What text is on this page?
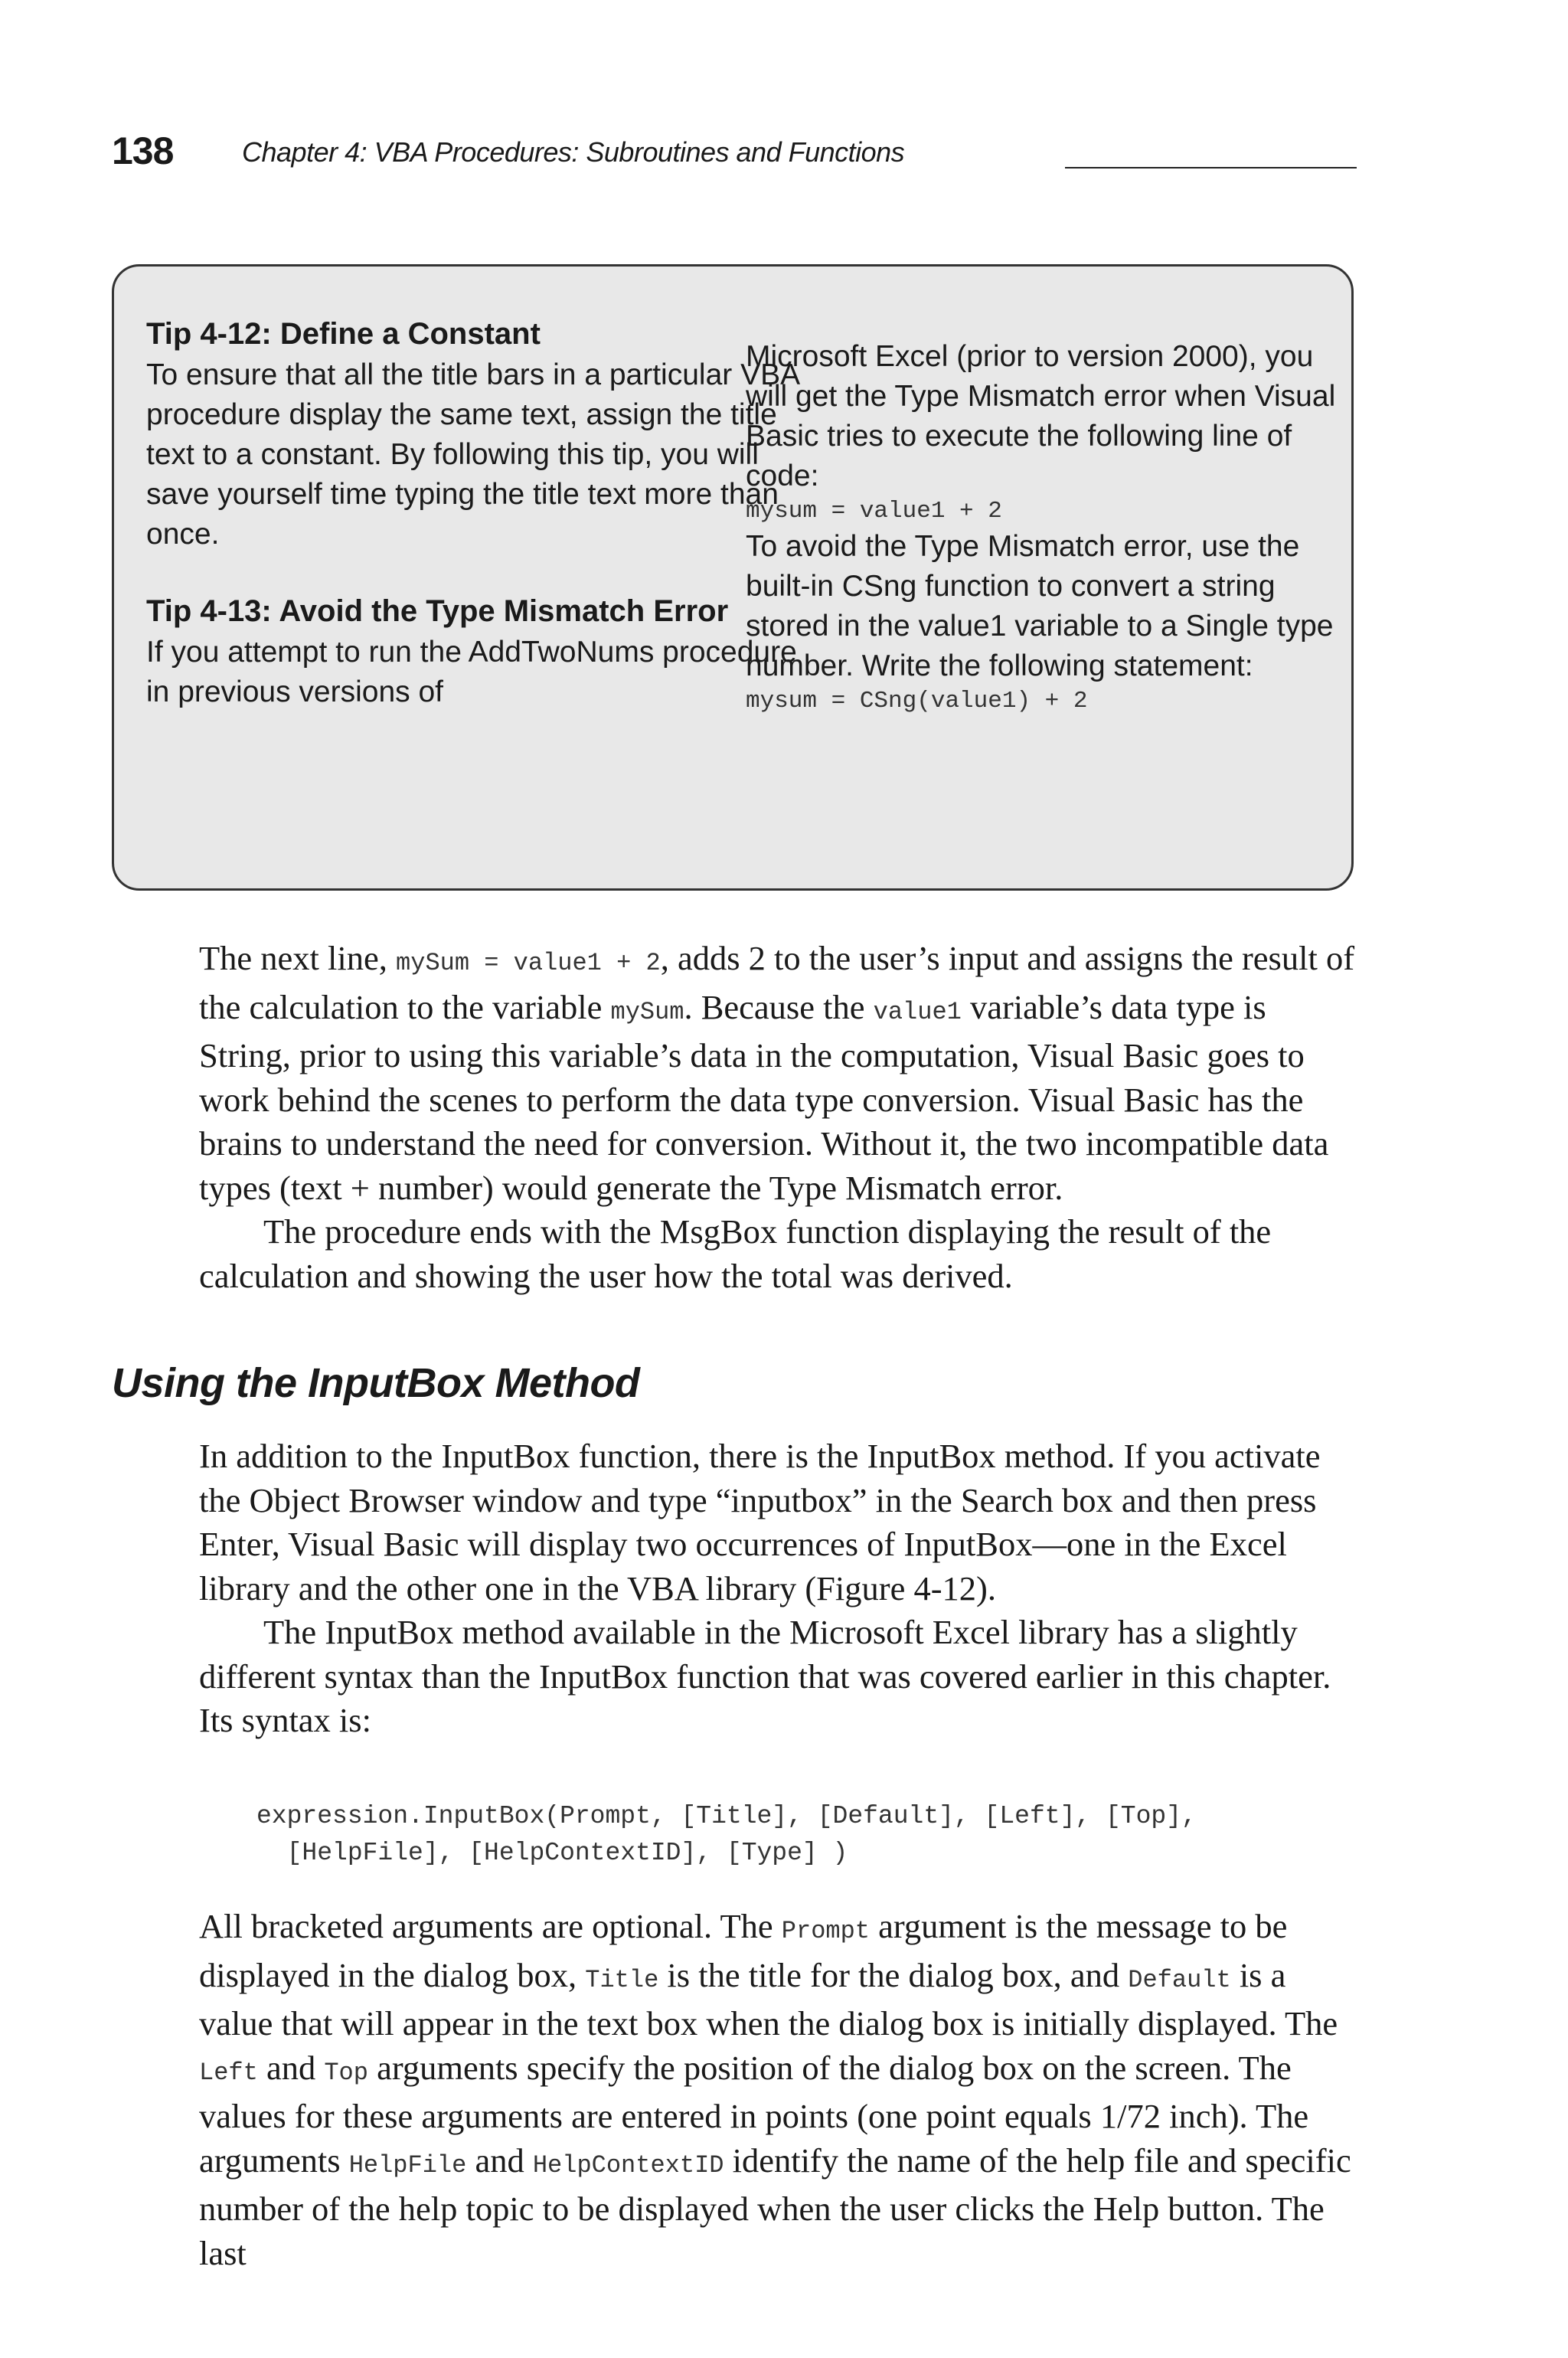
138 Chapter 4: VBA Procedures: Subroutines and Functions

Tip 4-12: Define a Constant

To ensure that all the title bars in a particular VBA procedure display the same text, assign the title text to a constant. By following this tip, you will save yourself time typing the title text more than once.

Tip 4-13: Avoid the Type Mismatch Error

If you attempt to run the AddTwoNums procedure in previous versions of

Microsoft Excel (prior to version 2000), you will get the Type Mismatch error when Visual Basic tries to execute the following line of code:

mysum = value1 + 2

To avoid the Type Mismatch error, use the built-in CSng function to convert a string stored in the value1 variable to a Single type number. Write the following statement:

mysum = CSng(value1) + 2

The next line, mySum = value1 + 2, adds 2 to the user’s input and assigns the result of the calculation to the variable mySum. Because the value1 variable’s data type is String, prior to using this variable’s data in the computation, Visual Basic goes to work behind the scenes to perform the data type conversion. Visual Basic has the brains to understand the need for conversion. Without it, the two incompatible data types (text + number) would generate the Type Mismatch error.

The procedure ends with the MsgBox function displaying the result of the calculation and showing the user how the total was derived.

Using the InputBox Method

In addition to the InputBox function, there is the InputBox method. If you activate the Object Browser window and type “inputbox” in the Search box and then press Enter, Visual Basic will display two occurrences of InputBox—one in the Excel library and the other one in the VBA library (Figure 4-12).

The InputBox method available in the Microsoft Excel library has a slightly different syntax than the InputBox function that was covered earlier in this chapter. Its syntax is:

expression.InputBox(Prompt, [Title], [Default], [Left], [Top],
[HelpFile], [HelpContextID], [Type] )

All bracketed arguments are optional. The Prompt argument is the message to be displayed in the dialog box, Title is the title for the dialog box, and Default is a value that will appear in the text box when the dialog box is initially displayed. The Left and Top arguments specify the position of the dialog box on the screen. The values for these arguments are entered in points (one point equals 1/72 inch). The arguments HelpFile and HelpContextID identify the name of the help file and specific number of the help topic to be displayed when the user clicks the Help button. The last
